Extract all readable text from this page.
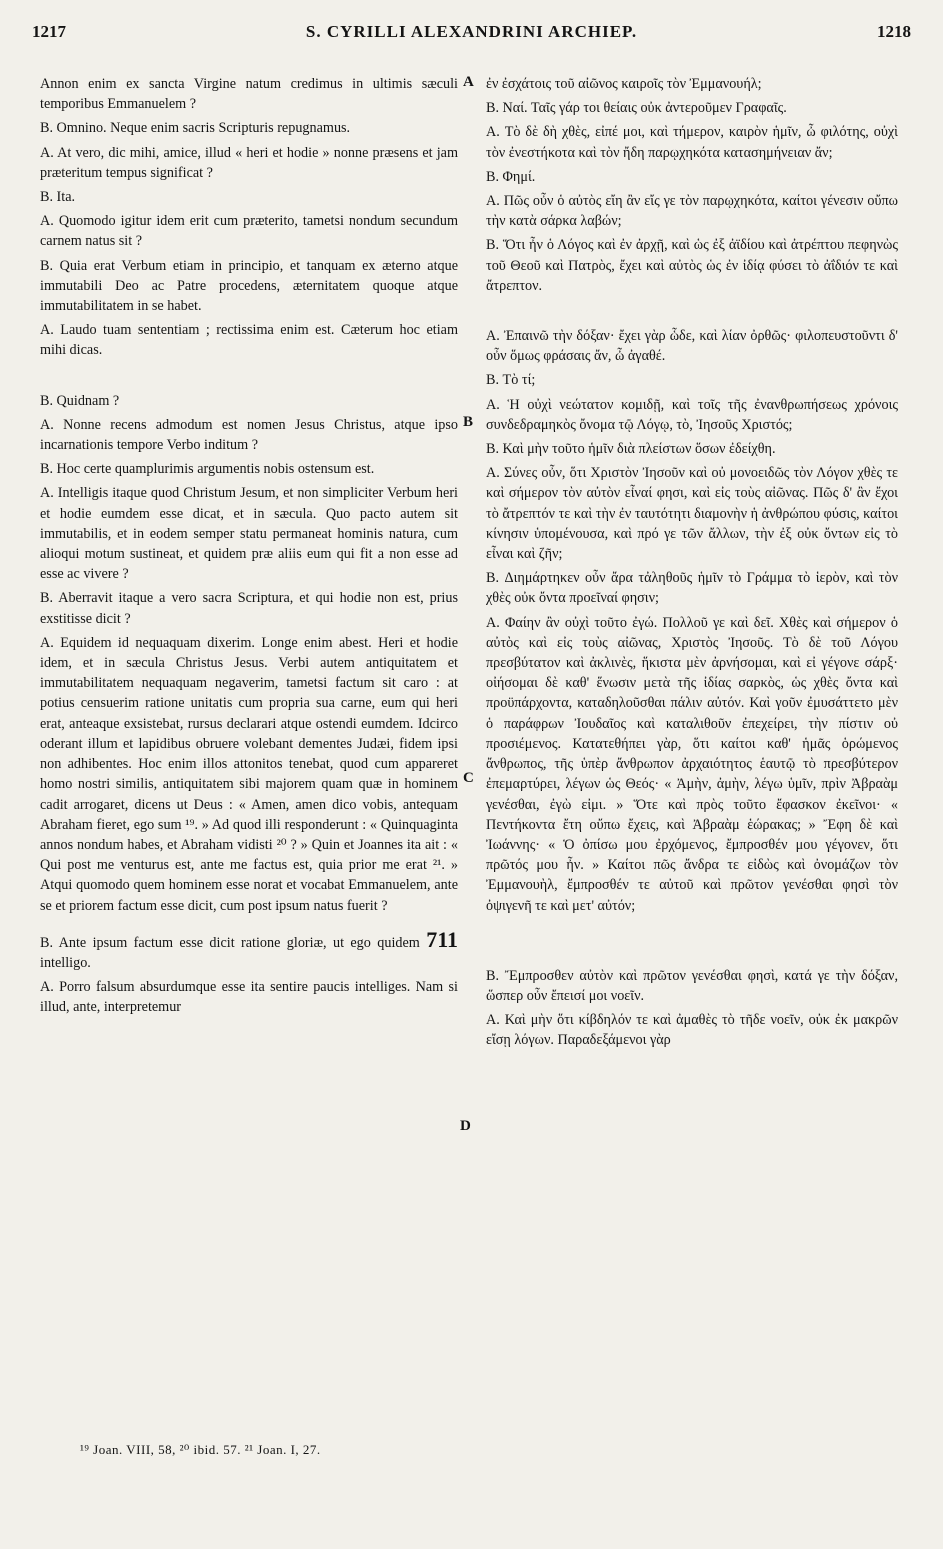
1217	S. CYRILLI ALEXANDRINI ARCHIEP.	1218
A
B
C
D

Annon enim ex sancta Virgine natum credimus in ultimis sæculi temporibus Emmanuelem ?

B. Omnino. Neque enim sacris Scripturis repugnamus.

A. At vero, dic mihi, amice, illud « heri et hodie » nonne præsens et jam præteritum tempus significat ?

B. Ita.

A. Quomodo igitur idem erit cum præterito, tametsi nondum secundum carnem natus sit ?

B. Quia erat Verbum etiam in principio, et tanquam ex æterno atque immutabili Deo ac Patre procedens, æternitatem quoque atque immutabilitatem in se habet.

A. Laudo tuam sententiam ; rectissima enim est. Cæterum hoc etiam mihi dicas.

B. Quidnam ?

A. Nonne recens admodum est nomen Jesus Christus, atque ipso incarnationis tempore Verbo inditum ?

B. Hoc certe quamplurimis argumentis nobis ostensum est.

A. Intelligis itaque quod Christum Jesum, et non simpliciter Verbum heri et hodie eumdem esse dicat, et in sæcula. Quo pacto autem sit immutabilis, et in eodem semper statu permaneat hominis natura, cum alioqui motum sustineat, et quidem præ aliis eum qui fit a non esse ad esse ac vivere ?

B. Aberravit itaque a vero sacra Scriptura, et qui hodie non est, prius exstitisse dicit ?

A. Equidem id nequaquam dixerim. Longe enim abest. Heri et hodie idem, et in sæcula Christus Jesus. Verbi autem antiquitatem et immutabilitatem nequaquam negaverim, tametsi factum sit caro : at potius censuerim ratione unitatis cum propria sua carne, eum qui heri erat, anteaque exsistebat, rursus declarari atque ostendi eumdem. Idcirco oderant illum et lapidibus obruere volebant dementes Judæi, fidem ipsi non adhibentes. Hoc enim illos attonitos tenebat, quod cum appareret homo nostri similis, antiquitatem sibi majorem quam quæ in hominem cadit arrogaret, dicens ut Deus : « Amen, amen dico vobis, antequam Abraham fieret, ego sum ¹⁹. » Ad quod illi responderunt : « Quinquaginta annos nondum habes, et Abraham vidisti ²⁰ ? » Quin et Joannes ita ait : « Qui post me venturus est, ante me factus est, quia prior me erat ²¹. » Atqui quomodo quem hominem esse norat et vocabat Emmanuelem, ante se et priorem factum esse dicit, cum post ipsum natus fuerit ?

B. Ante ipsum factum esse dicit ratione gloriæ, ut ego quidem 711 intelligo.

A. Porro falsum absurdumque esse ita sentire paucis intelliges. Nam si illud, ante, interpretemur

ἐν ἐσχάτοις τοῦ αἰῶνος καιροῖς τὸν Ἐμμανουήλ;

B. Ναί. Ταῖς γάρ τοι θείαις οὐκ ἀντεροῦμεν Γραφαῖς.

A. Τὸ δὲ δὴ χθὲς, εἰπέ μοι, καὶ τήμερον, καιρὸν ἡμῖν, ὦ φιλότης, οὐχὶ τὸν ἐνεστήκοτα καὶ τὸν ἤδη παρῳχηκότα κατασημήνειαν ἄν;

B. Φημί.

A. Πῶς οὖν ὁ αὐτὸς εἴη ἂν εἴς γε τὸν παρῳχηκότα, καίτοι γένεσιν οὔπω τὴν κατὰ σάρκα λαβών;

B. Ὅτι ἦν ὁ Λόγος καὶ ἐν ἀρχῇ, καὶ ὡς ἐξ ἀϊδίου καὶ ἀτρέπτου πεφηνὼς τοῦ Θεοῦ καὶ Πατρὸς, ἔχει καὶ αὐτὸς ὡς ἐν ἰδίᾳ φύσει τὸ ἀΐδιόν τε καὶ ἄτρεπτον.

A. Ἐπαινῶ τὴν δόξαν· ἔχει γὰρ ὧδε, καὶ λίαν ὀρθῶς· φιλοπευστοῦντι δ' οὖν ὅμως φράσαις ἄν, ὦ ἀγαθέ.

B. Τὸ τί;

A. Ἡ οὐχὶ νεώτατον κομιδῇ, καὶ τοῖς τῆς ἐνανθρωπήσεως χρόνοις συνδεδραμηκὸς ὄνομα τῷ Λόγῳ, τὸ, Ἰησοῦς Χριστός;

B. Καὶ μὴν τοῦτο ἡμῖν διὰ πλείστων ὅσων ἐδείχθη.

A. Σύνες οὖν, ὅτι Χριστὸν Ἰησοῦν καὶ οὐ μονοειδῶς τὸν Λόγον χθὲς τε καὶ σήμερον τὸν αὐτὸν εἶναί φησι, καὶ εἰς τοὺς αἰῶνας. Πῶς δ' ἂν ἔχοι τὸ ἄτρεπτόν τε καὶ τὴν ἐν ταυτότητι διαμονὴν ἡ ἀνθρώπου φύσις, καίτοι κίνησιν ὑπομένουσα, καὶ πρό γε τῶν ἄλλων, τὴν ἐξ οὐκ ὄντων εἰς τὸ εἶναι καὶ ζῆν;

B. Διημάρτηκεν οὖν ἄρα τἀληθοῦς ἡμῖν τὸ Γράμμα τὸ ἱερὸν, καὶ τὸν χθὲς οὐκ ὄντα προεῖναί φησιν;

A. Φαίην ἂν οὐχὶ τοῦτο ἐγώ. Πολλοῦ γε καὶ δεῖ. Χθὲς καὶ σήμερον ὁ αὐτὸς καὶ εἰς τοὺς αἰῶνας, Χριστὸς Ἰησοῦς. Τὸ δὲ τοῦ Λόγου πρεσβύτατον καὶ ἀκλινὲς, ἥκιστα μὲν ἀρνήσομαι, καὶ εἰ γέγονε σάρξ· οἰήσομαι δὲ καθ' ἕνωσιν μετὰ τῆς ἰδίας σαρκὸς, ὡς χθὲς ὄντα καὶ προϋπάρχοντα, καταδηλοῦσθαι πάλιν αὐτόν. Καὶ γοῦν ἐμυσάττετο μὲν ὁ παράφρων Ἰουδαῖος καὶ καταλιθοῦν ἐπεχείρει, τὴν πίστιν οὐ προσιέμενος. Κατατεθήπει γὰρ, ὅτι καίτοι καθ' ἡμᾶς ὁρώμενος ἄνθρωπος, τῆς ὑπὲρ ἄνθρωπον ἀρχαιότητος ἑαυτῷ τὸ πρεσβύτερον ἐπεμαρτύρει, λέγων ὡς Θεός· « Ἀμὴν, ἀμὴν, λέγω ὑμῖν, πρὶν Ἀβραὰμ γενέσθαι, ἐγὼ εἰμι. » Ὅτε καὶ πρὸς τοῦτο ἔφασκον ἐκεῖνοι· « Πεντήκοντα ἔτη οὔπω ἔχεις, καὶ Ἀβραὰμ ἑώρακας; » Ἔφη δὲ καὶ Ἰωάννης· « Ὁ ὀπίσω μου ἐρχόμενος, ἔμπροσθέν μου γέγονεν, ὅτι πρῶτός μου ἦν. » Καίτοι πῶς ἄνδρα τε εἰδὼς καὶ ὀνομάζων τὸν Ἐμμανουὴλ, ἔμπροσθέν τε αὐτοῦ καὶ πρῶτον γενέσθαι φησὶ τὸν ὀψιγενῆ τε καὶ μετ' αὐτόν;

B. Ἔμπροσθεν αὐτὸν καὶ πρῶτον γενέσθαι φησὶ, κατά γε τὴν δόξαν, ὥσπερ οὖν ἔπεισί μοι νοεῖν.

A. Καὶ μὴν ὅτι κίβδηλόν τε καὶ ἀμαθὲς τὸ τῆδε νοεῖν, οὐκ ἐκ μακρῶν εἴσῃ λόγων. Παραδεξάμενοι γὰρ

¹⁹ Joan. VIII, 58, ²⁰ ibid. 57. ²¹ Joan. I, 27.
